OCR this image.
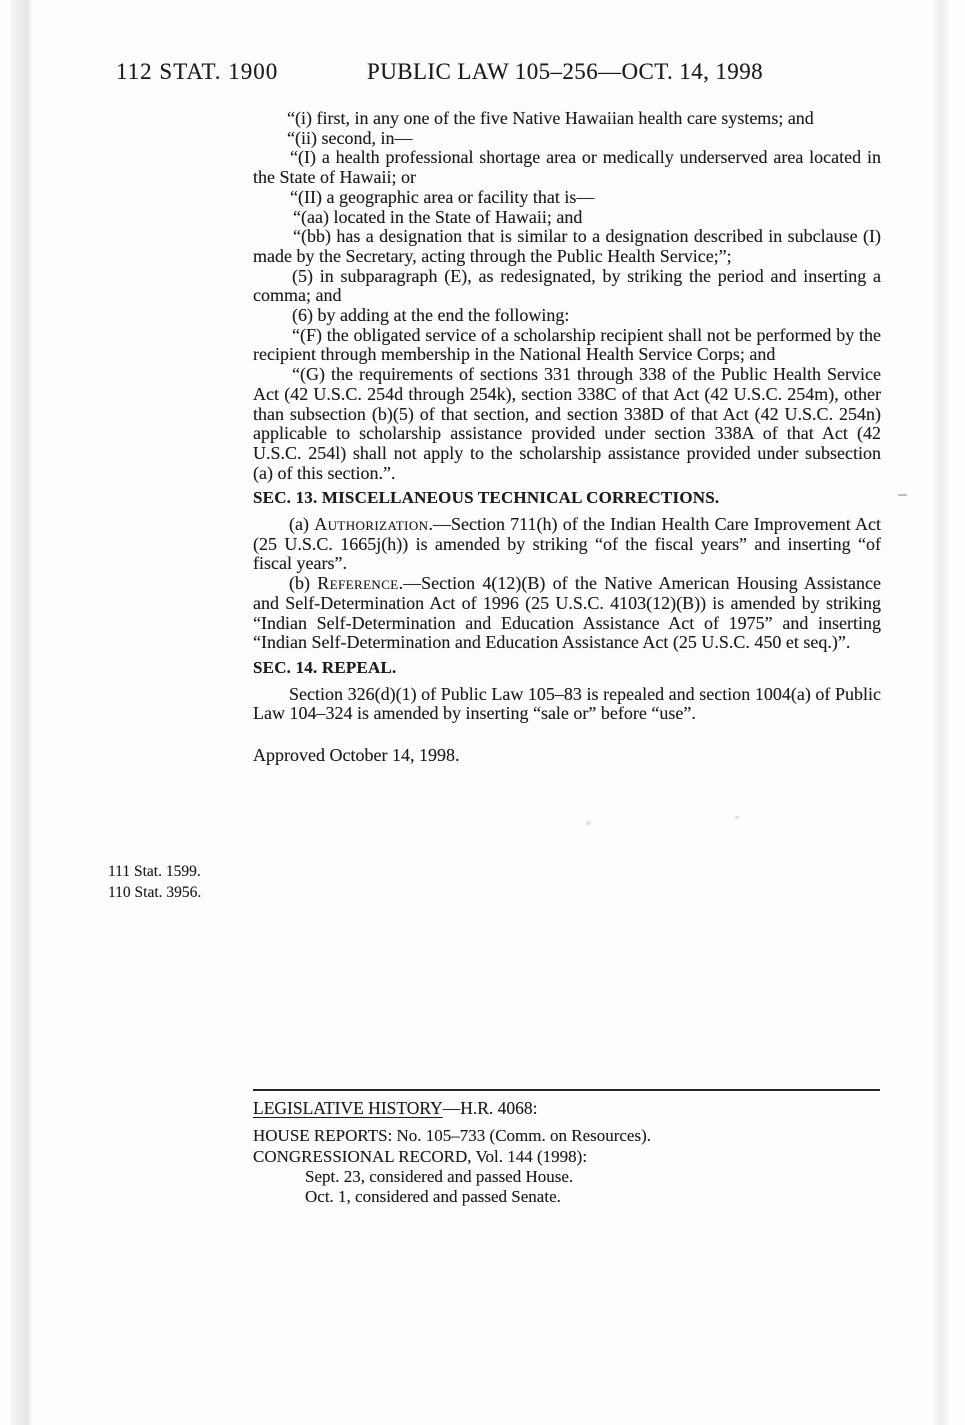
112 STAT. 1900	PUBLIC LAW 105–256—OCT. 14, 1998
111 Stat. 1599.
110 Stat. 3956.

“(i) first, in any one of the five Native Hawaiian health care systems; and

“(ii) second, in—

“(I) a health professional shortage area or medically underserved area located in the State of Hawaii; or

“(II) a geographic area or facility that is—

“(aa) located in the State of Hawaii; and

“(bb) has a designation that is similar to a designation described in subclause (I) made by the Secretary, acting through the Public Health Service;”;

(5) in subparagraph (E), as redesignated, by striking the period and inserting a comma; and

(6) by adding at the end the following:

“(F) the obligated service of a scholarship recipient shall not be performed by the recipient through membership in the National Health Service Corps; and

“(G) the requirements of sections 331 through 338 of the Public Health Service Act (42 U.S.C. 254d through 254k), section 338C of that Act (42 U.S.C. 254m), other than subsection (b)(5) of that section, and section 338D of that Act (42 U.S.C. 254n) applicable to scholarship assistance provided under section 338A of that Act (42 U.S.C. 254l) shall not apply to the scholarship assistance provided under subsection (a) of this section.”.

SEC. 13. MISCELLANEOUS TECHNICAL CORRECTIONS.

(a) Authorization.—Section 711(h) of the Indian Health Care Improvement Act (25 U.S.C. 1665j(h)) is amended by striking “of the fiscal years” and inserting “of fiscal years”.

(b) Reference.—Section 4(12)(B) of the Native American Housing Assistance and Self-Determination Act of 1996 (25 U.S.C. 4103(12)(B)) is amended by striking “Indian Self-Determination and Education Assistance Act of 1975” and inserting “Indian Self-Determination and Education Assistance Act (25 U.S.C. 450 et seq.)”.

SEC. 14. REPEAL.

Section 326(d)(1) of Public Law 105–83 is repealed and section 1004(a) of Public Law 104–324 is amended by inserting “sale or” before “use”.

Approved October 14, 1998.

LEGISLATIVE HISTORY—H.R. 4068:

HOUSE REPORTS: No. 105–733 (Comm. on Resources).

CONGRESSIONAL RECORD, Vol. 144 (1998):

Sept. 23, considered and passed House.

Oct. 1, considered and passed Senate.
